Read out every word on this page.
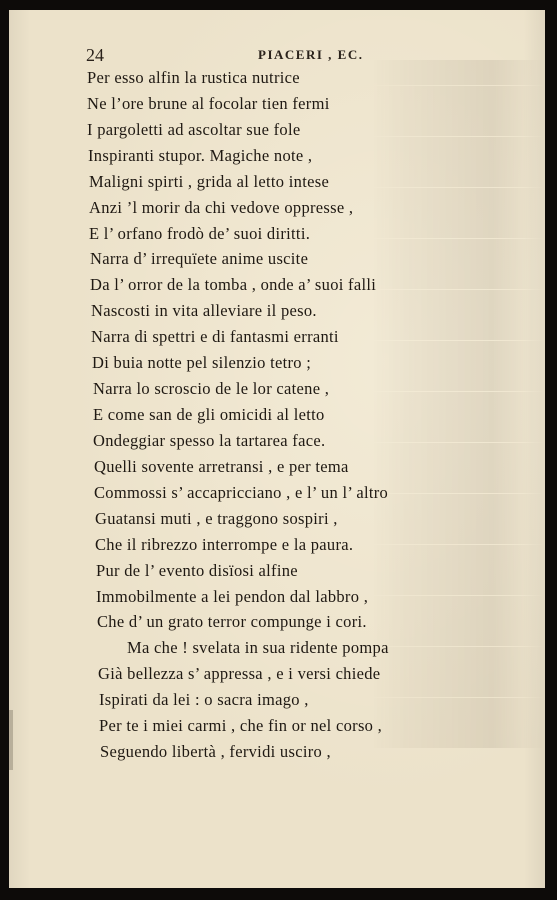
24	PIACERI , EC.
Per esso alfin la rustica nutrice
Ne l’ore brune al focolar tien fermi
I pargoletti ad ascoltar sue fole
Inspiranti stupor. Magiche note ,
Maligni spirti , grida al letto intese
Anzi ’l morir da chi vedove oppresse ,
E l’ orfano frodò de’ suoi diritti.
Narra d’ irrequïete anime uscite
Da l’ orror de la tomba , onde a’ suoi falli
Nascosti in vita alleviare il peso.
Narra di spettri e di fantasmi erranti
Di buia notte pel silenzio tetro ;
Narra lo scroscio de le lor catene ,
E come san de gli omicidi al letto
Ondeggiar spesso la tartarea face.
Quelli sovente arretransi , e per tema
Commossi s’ accapricciano , e l’ un l’ altro
Guatansi muti , e traggono sospiri ,
Che il ribrezzo interrompe e la paura.
Pur de l’ evento disïosi alfine
Immobilmente a lei pendon dal labbro ,
Che d’ un grato terror compunge i cori.
Ma che ! svelata in sua ridente pompa
Già bellezza s’ appressa , e i versi chiede
Ispirati da lei : o sacra imago ,
Per te i miei carmi , che fin or nel corso ,
Seguendo libertà , fervidi usciro ,
